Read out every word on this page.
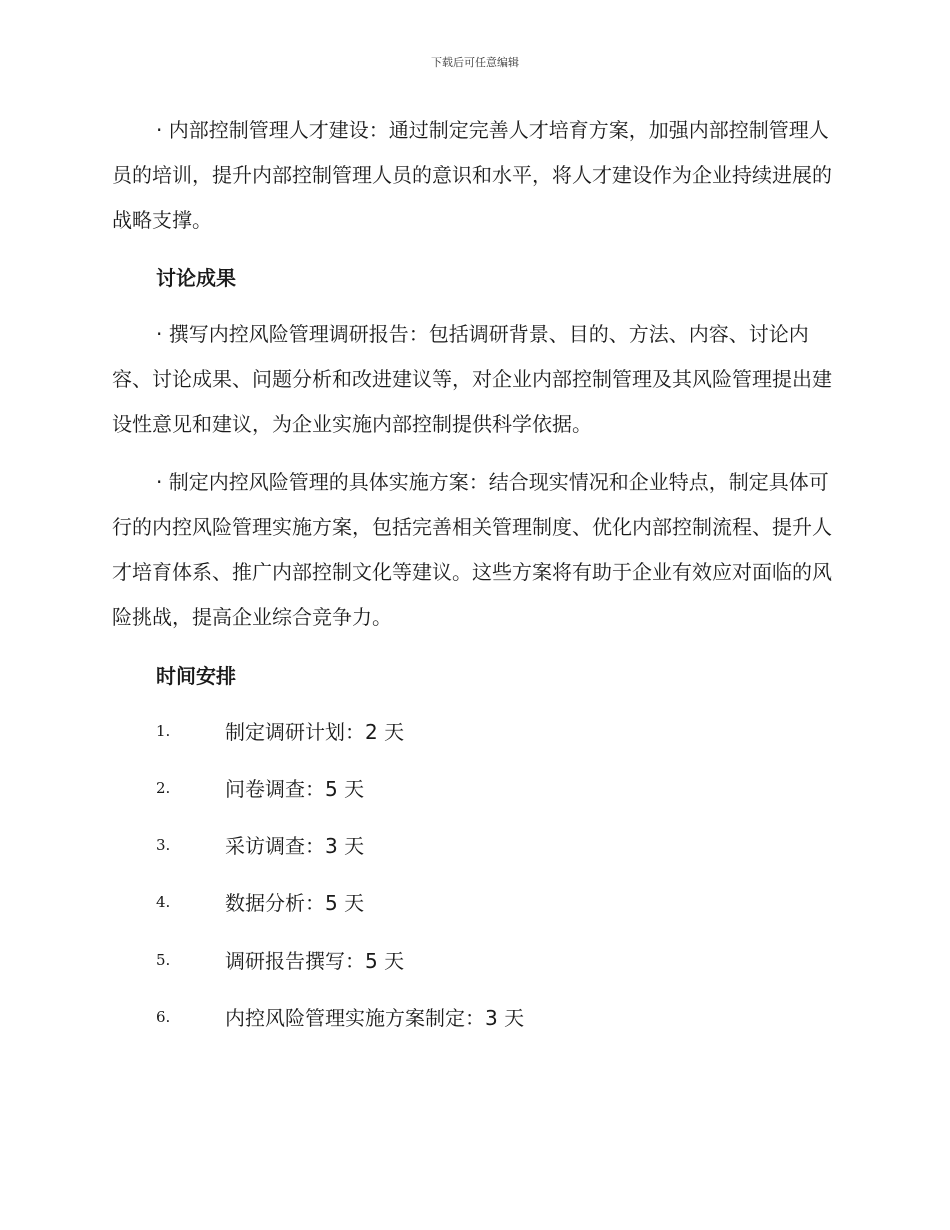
下载后可任意编辑

· 内部控制管理人才建设：通过制定完善人才培育方案，加强内部控制管理人员的培训，提升内部控制管理人员的意识和水平，将人才建设作为企业持续进展的战略支撑。

讨论成果

· 撰写内控风险管理调研报告：包括调研背景、目的、方法、内容、讨论内容、讨论成果、问题分析和改进建议等，对企业内部控制管理及其风险管理提出建设性意见和建议，为企业实施内部控制提供科学依据。

· 制定内控风险管理的具体实施方案：结合现实情况和企业特点，制定具体可行的内控风险管理实施方案，包括完善相关管理制度、优化内部控制流程、提升人才培育体系、推广内部控制文化等建议。这些方案将有助于企业有效应对面临的风险挑战，提高企业综合竞争力。

时间安排
1.	制定调研计划：2 天
2.	问卷调查：5 天
3.	采访调查：3 天
4.	数据分析：5 天
5.	调研报告撰写：5 天
6.	内控风险管理实施方案制定：3 天
